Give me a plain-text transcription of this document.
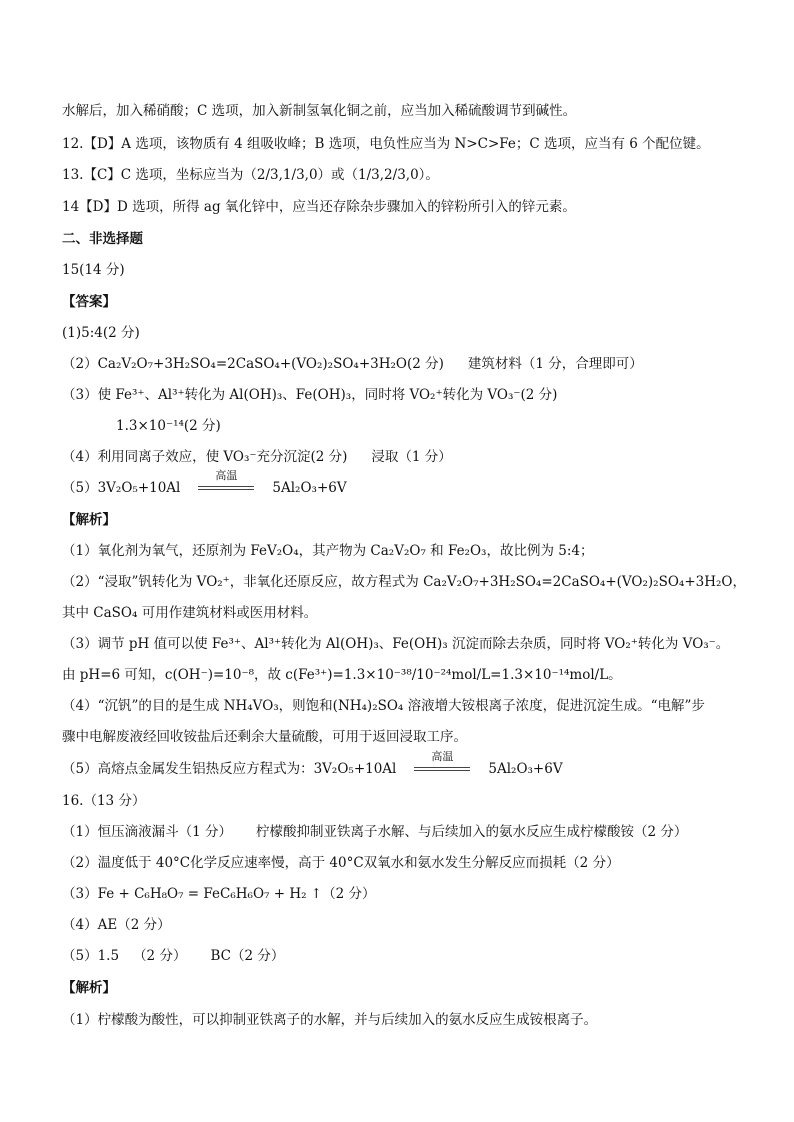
水解后，加入稀硝酸；C 选项，加入新制氢氧化铜之前，应当加入稀硫酸调节到碱性。
12.【D】A 选项，该物质有 4 组吸收峰；B 选项，电负性应当为 N>C>Fe；C 选项，应当有 6 个配位键。
13.【C】C 选项，坐标应当为（2/3,1/3,0）或（1/3,2/3,0）。
14【D】D 选项，所得 ag 氧化锌中，应当还存除杂步骤加入的锌粉所引入的锌元素。
二、非选择题
15(14 分)
【答案】
(1)5:4(2 分)
（2）Ca₂V₂O₇+3H₂SO₄=2CaSO₄+(VO₂)₂SO₄+3H₂O(2 分) 建筑材料（1 分，合理即可）
（3）使 Fe³⁺、Al³⁺转化为 Al(OH)₃、Fe(OH)₃，同时将 VO₂⁺转化为 VO₃⁻(2 分)
1.3×10⁻¹⁴(2 分)
（4）利用同离子效应，使 VO₃⁻充分沉淀(2 分) 浸取（1 分）
（5）3V₂O₅+10Al
高温
5Al₂O₃+6V
【解析】
（1）氧化剂为氧气，还原剂为 FeV₂O₄，其产物为 Ca₂V₂O₇ 和 Fe₂O₃，故比例为 5:4；
（2）“浸取”钒转化为 VO₂⁺，非氧化还原反应，故方程式为 Ca₂V₂O₇+3H₂SO₄=2CaSO₄+(VO₂)₂SO₄+3H₂O，
其中 CaSO₄ 可用作建筑材料或医用材料。
（3）调节 pH 值可以使 Fe³⁺、Al³⁺转化为 Al(OH)₃、Fe(OH)₃ 沉淀而除去杂质，同时将 VO₂⁺转化为 VO₃⁻。
由 pH=6 可知，c(OH⁻)=10⁻⁸，故 c(Fe³⁺)=1.3×10⁻³⁸/10⁻²⁴mol/L=1.3×10⁻¹⁴mol/L。
（4）“沉钒”的目的是生成 NH₄VO₃，则饱和(NH₄)₂SO₄ 溶液增大铵根离子浓度，促进沉淀生成。“电解”步
骤中电解废液经回收铵盐后还剩余大量硫酸，可用于返回浸取工序。
（5）高熔点金属发生铝热反应方程式为：3V₂O₅+10Al
高温
5Al₂O₃+6V
16.（13 分）
（1）恒压滴液漏斗（1 分） 柠檬酸抑制亚铁离子水解、与后续加入的氨水反应生成柠檬酸铵（2 分）
（2）温度低于 40°C化学反应速率慢，高于 40°C双氧水和氨水发生分解反应而损耗（2 分）
（3）Fe + C₆H₈O₇ = FeC₆H₆O₇ + H₂ ↑（2 分）
（4）AE（2 分）
（5）1.5 （2 分） BC（2 分）
【解析】
（1）柠檬酸为酸性，可以抑制亚铁离子的水解，并与后续加入的氨水反应生成铵根离子。
